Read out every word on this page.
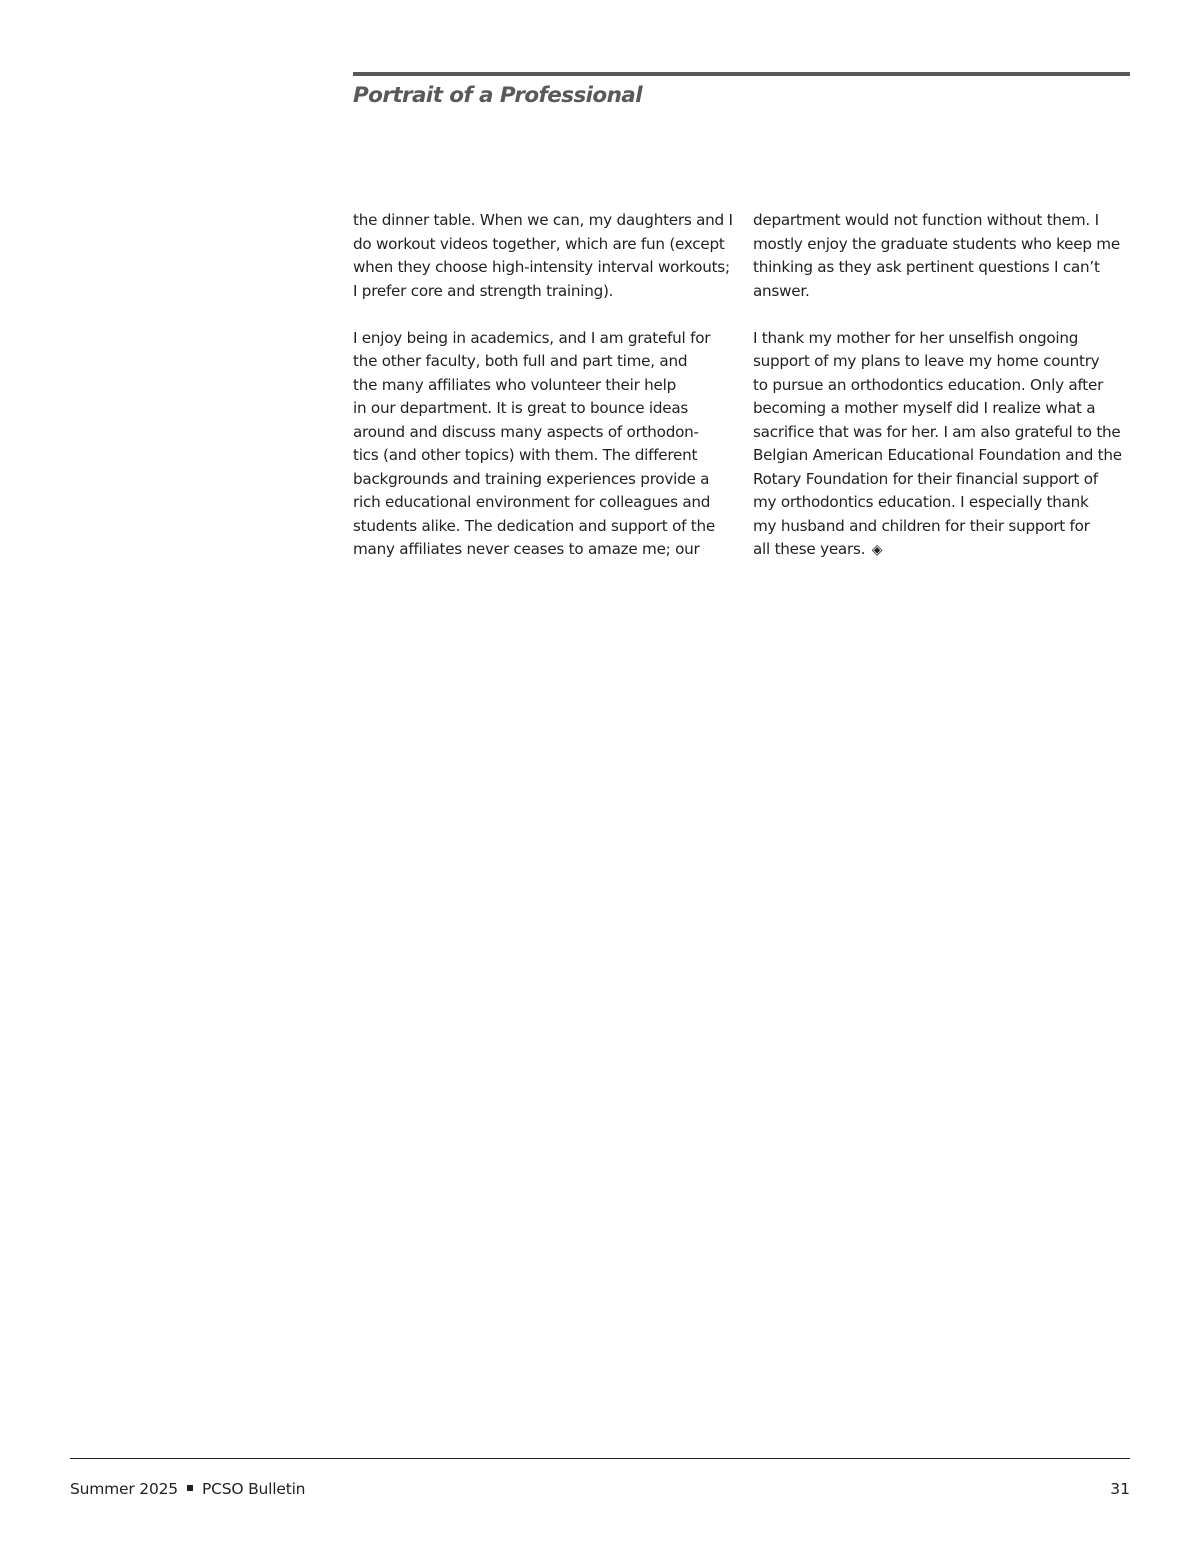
Portrait of a Professional

the dinner table. When we can, my daughters and I
do workout videos together, which are fun (except
when they choose high-intensity interval workouts;
I prefer core and strength training).

I enjoy being in academics, and I am grateful for
the other faculty, both full and part time, and
the many affiliates who volunteer their help
in our department. It is great to bounce ideas
around and discuss many aspects of orthodon-
tics (and other topics) with them. The different
backgrounds and training experiences provide a
rich educational environment for colleagues and
students alike. The dedication and support of the
many affiliates never ceases to amaze me; our

department would not function without them. I
mostly enjoy the graduate students who keep me
thinking as they ask pertinent questions I can’t
answer.

I thank my mother for her unselfish ongoing
support of my plans to leave my home country
to pursue an orthodontics education. Only after
becoming a mother myself did I realize what a
sacrifice that was for her. I am also grateful to the
Belgian American Educational Foundation and the
Rotary Foundation for their financial support of
my orthodontics education. I especially thank
my husband and children for their support for
all these years. ◈

Summer 2025 PCSO Bulletin	31
